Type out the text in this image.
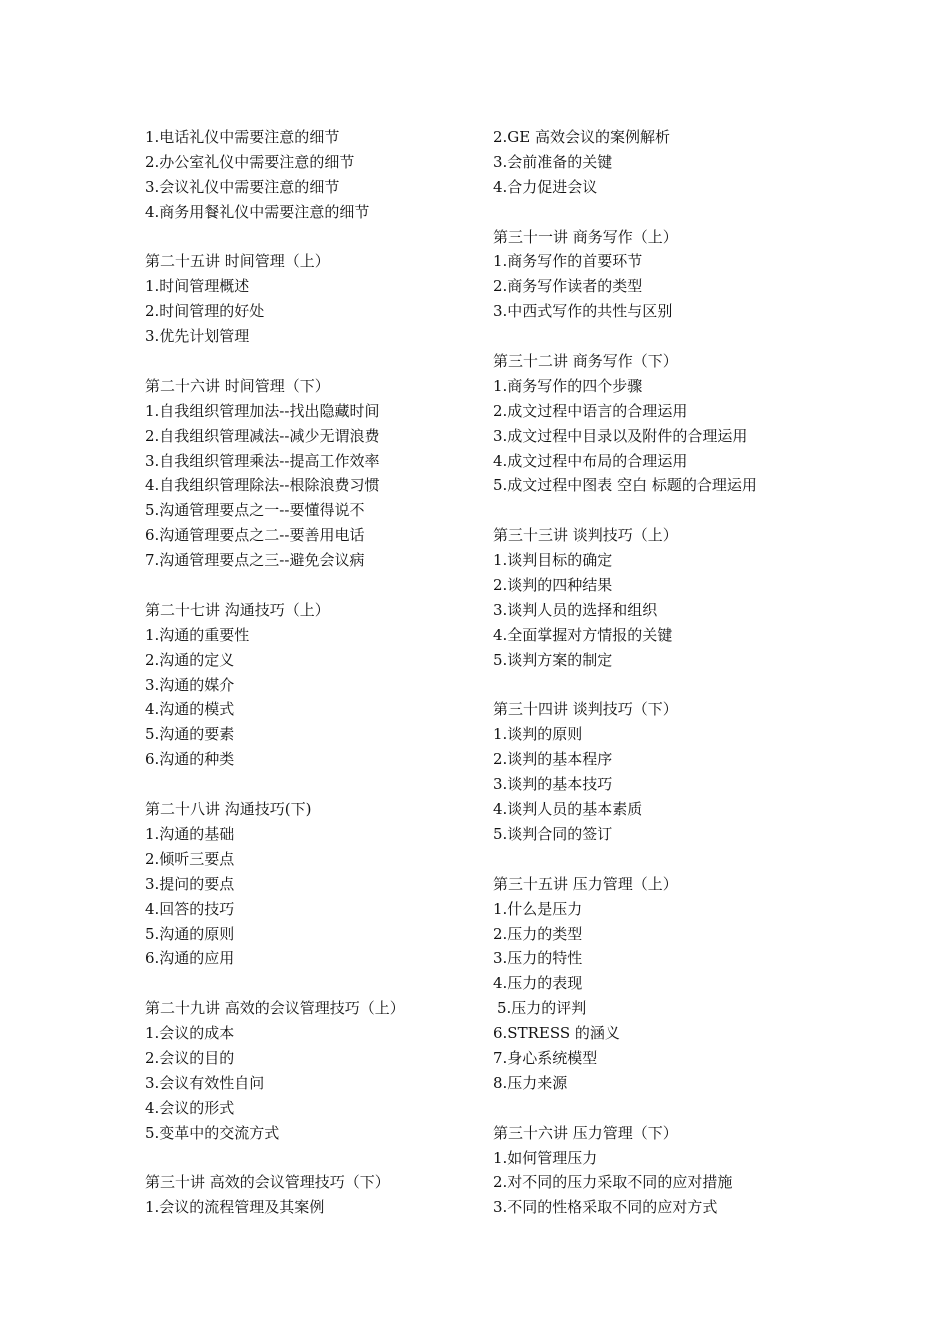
1.电话礼仪中需要注意的细节
2.办公室礼仪中需要注意的细节
3.会议礼仪中需要注意的细节
4.商务用餐礼仪中需要注意的细节
第二十五讲 时间管理（上）
1.时间管理概述
2.时间管理的好处
3.优先计划管理
第二十六讲 时间管理（下）
1.自我组织管理加法--找出隐藏时间
2.自我组织管理减法--减少无谓浪费
3.自我组织管理乘法--提高工作效率
4.自我组织管理除法--根除浪费习惯
5.沟通管理要点之一--要懂得说不
6.沟通管理要点之二--要善用电话
7.沟通管理要点之三--避免会议病
第二十七讲 沟通技巧（上）
1.沟通的重要性
2.沟通的定义
3.沟通的媒介
4.沟通的模式
5.沟通的要素
6.沟通的种类
第二十八讲 沟通技巧(下)
1.沟通的基础
2.倾听三要点
3.提问的要点
4.回答的技巧
5.沟通的原则
6.沟通的应用
第二十九讲 高效的会议管理技巧（上）
1.会议的成本
2.会议的目的
3.会议有效性自问
4.会议的形式
5.变革中的交流方式
第三十讲 高效的会议管理技巧（下）
1.会议的流程管理及其案例
2.GE 高效会议的案例解析
3.会前准备的关键
4.合力促进会议
第三十一讲 商务写作（上）
1.商务写作的首要环节
2.商务写作读者的类型
3.中西式写作的共性与区别
第三十二讲 商务写作（下）
1.商务写作的四个步骤
2.成文过程中语言的合理运用
3.成文过程中目录以及附件的合理运用
4.成文过程中布局的合理运用
5.成文过程中图表 空白 标题的合理运用
第三十三讲 谈判技巧（上）
1.谈判目标的确定
2.谈判的四种结果
3.谈判人员的选择和组织
4.全面掌握对方情报的关键
5.谈判方案的制定
第三十四讲 谈判技巧（下）
1.谈判的原则
2.谈判的基本程序
3.谈判的基本技巧
4.谈判人员的基本素质
5.谈判合同的签订
第三十五讲 压力管理（上）
1.什么是压力
2.压力的类型
3.压力的特性
4.压力的表现
5.压力的评判
6.STRESS 的涵义
7.身心系统模型
8.压力来源
第三十六讲 压力管理（下）
1.如何管理压力
2.对不同的压力采取不同的应对措施
3.不同的性格采取不同的应对方式
